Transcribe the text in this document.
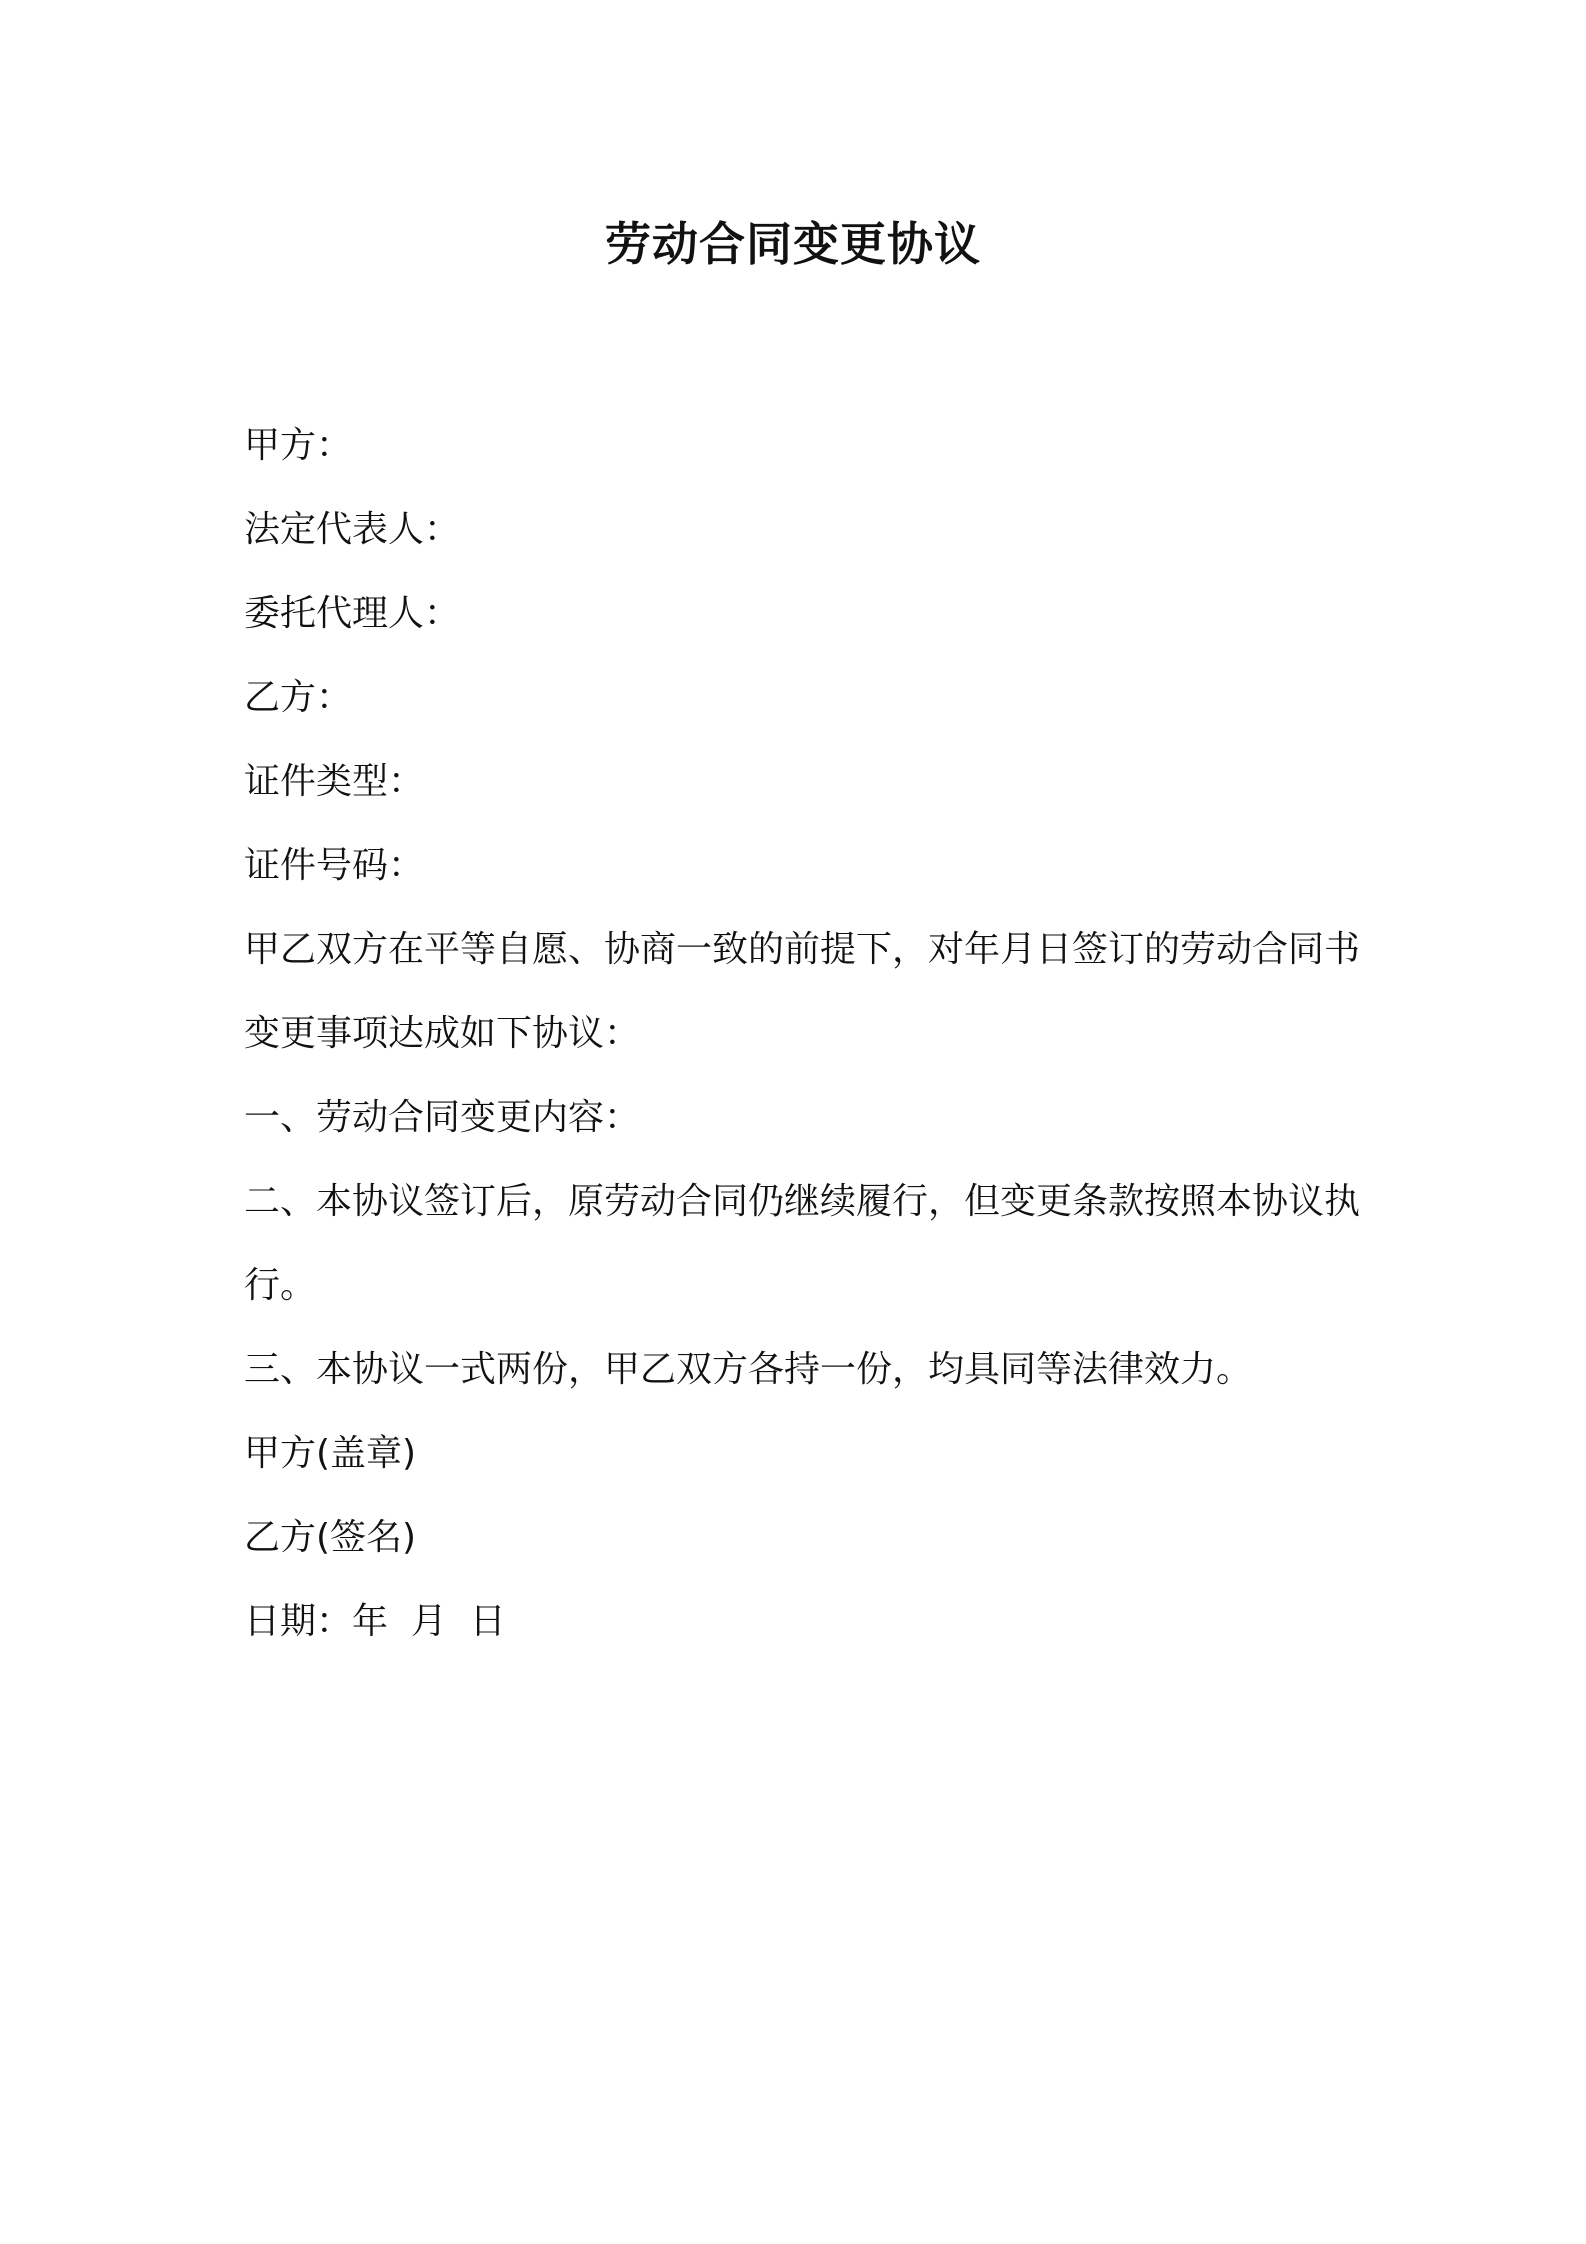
劳动合同变更协议
甲方：
法定代表人：
委托代理人：
乙方：
证件类型：
证件号码：
甲乙双方在平等自愿、协商一致的前提下，对年月日签订的劳动合同书变更事项达成如下协议：
一、劳动合同变更内容：
二、本协议签订后，原劳动合同仍继续履行，但变更条款按照本协议执行。
三、本协议一式两份，甲乙双方各持一份，均具同等法律效力。
甲方(盖章)
乙方(签名)
日期：年  月  日
